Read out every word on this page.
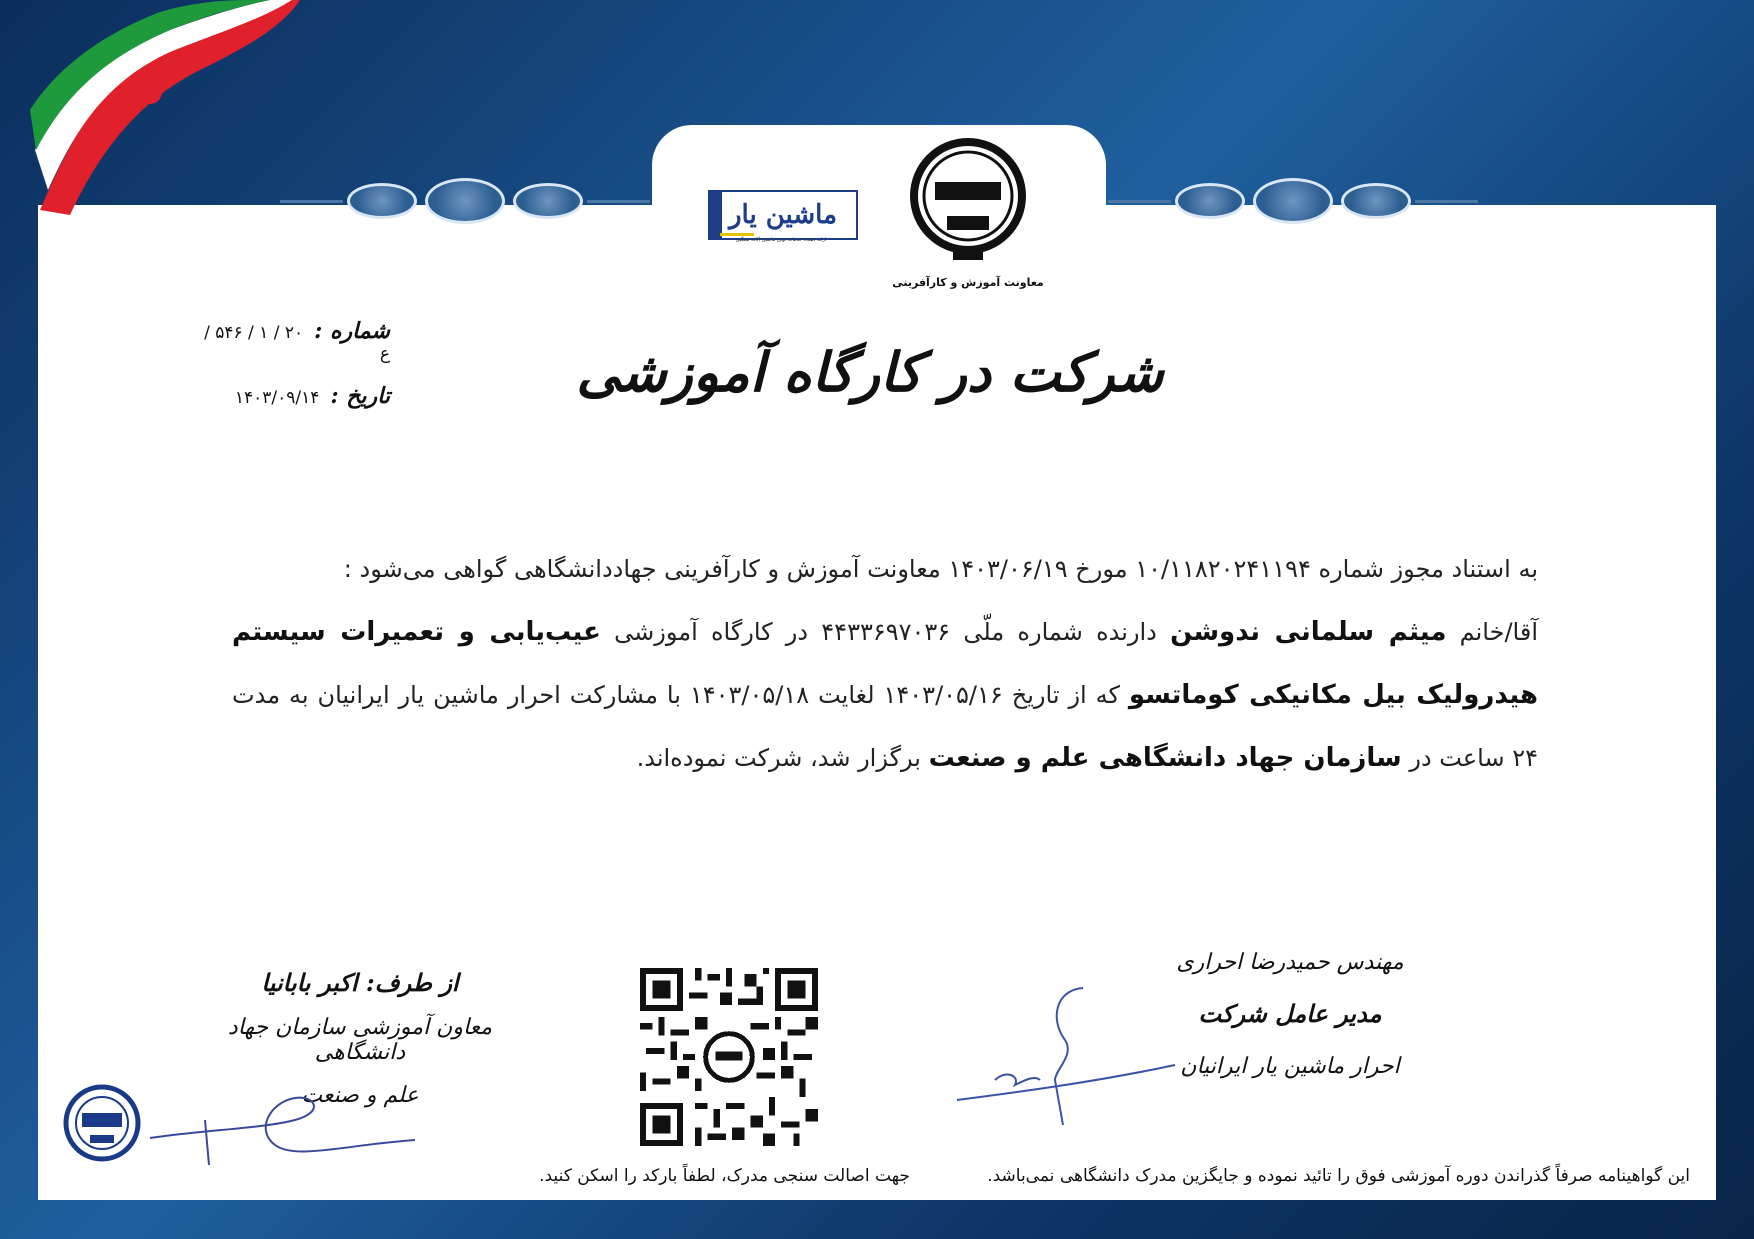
معاونت آموزش و کارآفرینی
ماشین یار
ارائه دهنده خدمات نوین ماشین آلات سنگین
شماره : ۲۰ / ۱ / ۵۴۶ / ع
تاریخ : ۱۴۰۳/۰۹/۱۴	شرکت در کارگاه آموزشی
به استناد مجوز شماره ۱۰/۱۱۸۲۰۲۴۱۱۹۴ مورخ ۱۴۰۳/۰۶/۱۹ معاونت آموزش و کارآفرینی جهاددانشگاهی گواهی می‌شود :
آقا/خانم میثم سلمانی ندوشن دارنده شماره ملّی ۴۴۳۳۶۹۷۰۳۶ در کارگاه آموزشی عیب‌یابی و تعمیرات سیستم هیدرولیک بیل مکانیکی کوماتسو که از تاریخ ۱۴۰۳/۰۵/۱۶ لغایت ۱۴۰۳/۰۵/۱۸ با مشارکت احرار ماشین یار ایرانیان به مدت ۲۴ ساعت در سازمان جهاد دانشگاهی علم و صنعت برگزار شد، شرکت نموده‌اند.
از طرف: اکبر بابانیا
معاون آموزشی سازمان جهاد دانشگاهی
علم و صنعت
مهندس حمیدرضا احراری
مدیر عامل شرکت
احرار ماشین یار ایرانیان
این گواهینامه صرفاً گذراندن دوره آموزشی فوق را تائید نموده و جایگزین مدرک دانشگاهی نمی‌باشد.
جهت اصالت سنجی مدرک، لطفاً بارکد را اسکن کنید.
